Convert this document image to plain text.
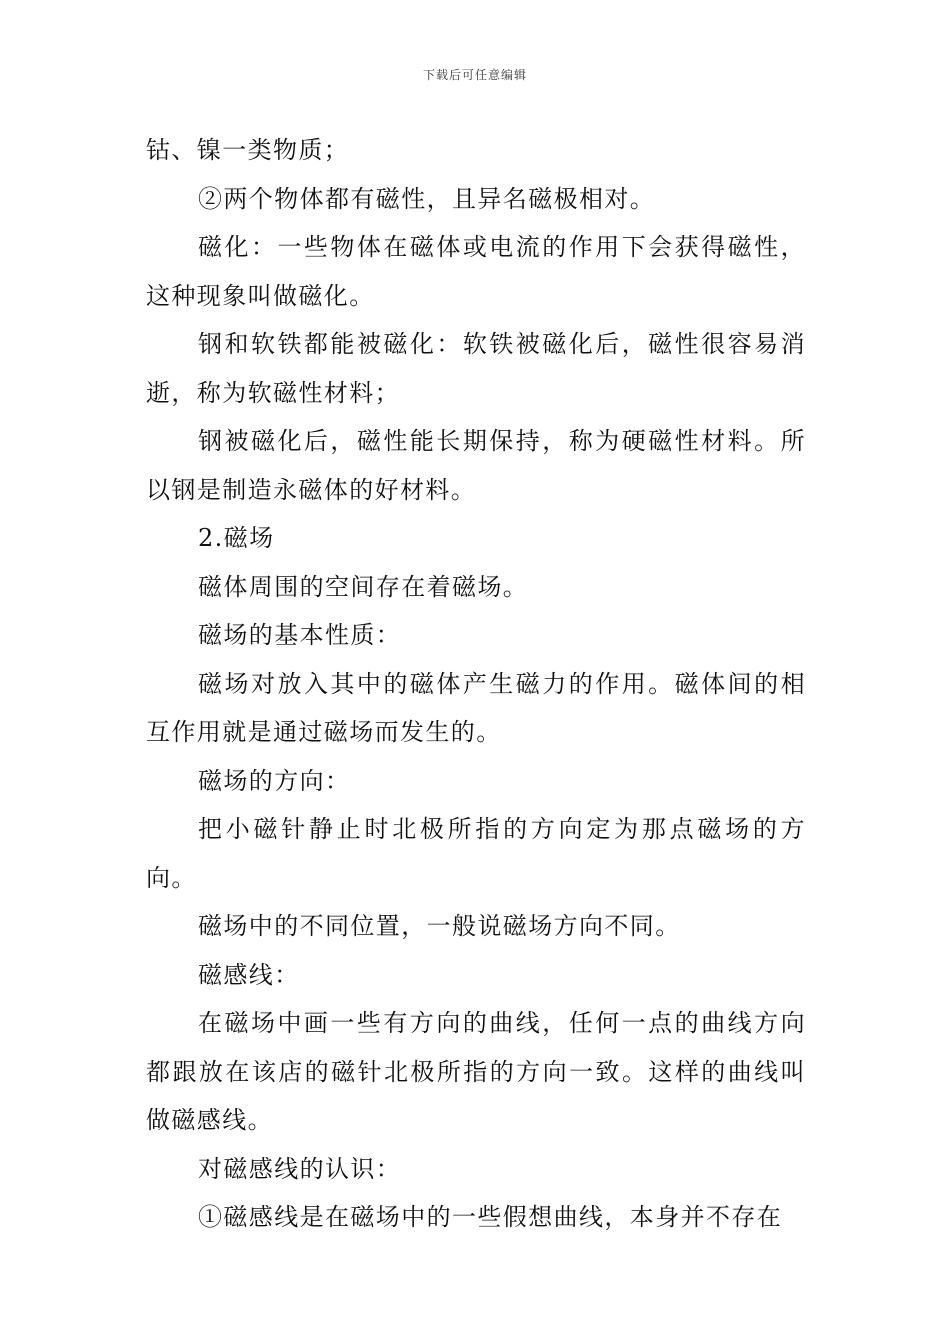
下载后可任意编辑

钴、镍一类物质；

②两个物体都有磁性，且异名磁极相对。

磁化：一些物体在磁体或电流的作用下会获得磁性，这种现象叫做磁化。

钢和软铁都能被磁化：软铁被磁化后，磁性很容易消逝，称为软磁性材料；

钢被磁化后，磁性能长期保持，称为硬磁性材料。所以钢是制造永磁体的好材料。

2.磁场

磁体周围的空间存在着磁场。

磁场的基本性质：

磁场对放入其中的磁体产生磁力的作用。磁体间的相互作用就是通过磁场而发生的。

磁场的方向：

把小磁针静止时北极所指的方向定为那点磁场的方向。

磁场中的不同位置，一般说磁场方向不同。

磁感线：

在磁场中画一些有方向的曲线，任何一点的曲线方向都跟放在该店的磁针北极所指的方向一致。这样的曲线叫做磁感线。

对磁感线的认识：

①磁感线是在磁场中的一些假想曲线，本身并不存在
